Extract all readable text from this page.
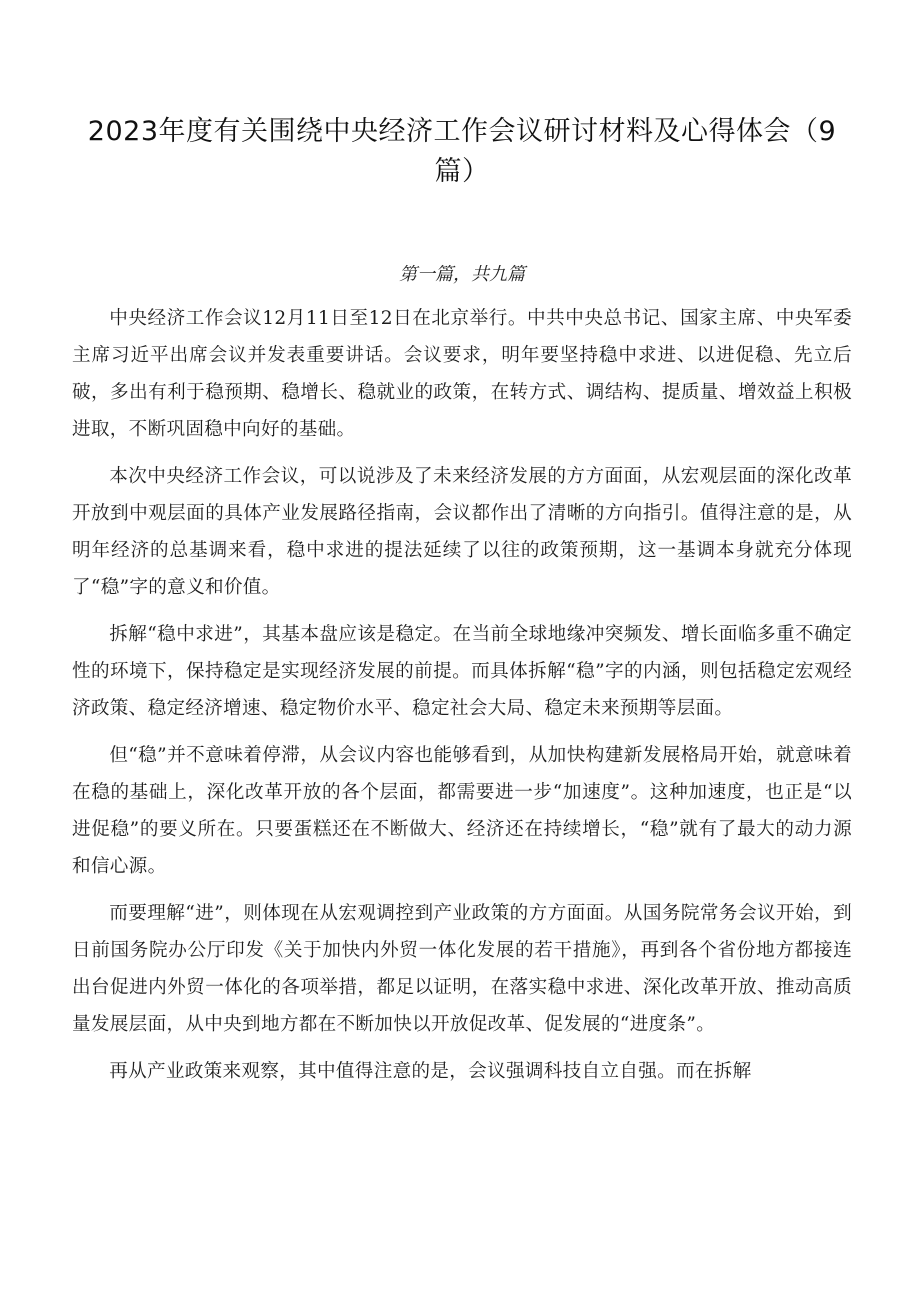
2023年度有关围绕中央经济工作会议研讨材料及心得体会（9篇）
第一篇，共九篇

中央经济工作会议12月11日至12日在北京举行。中共中央总书记、国家主席、中央军委主席习近平出席会议并发表重要讲话。会议要求，明年要坚持稳中求进、以进促稳、先立后破，多出有利于稳预期、稳增长、稳就业的政策，在转方式、调结构、提质量、增效益上积极进取，不断巩固稳中向好的基础。

本次中央经济工作会议，可以说涉及了未来经济发展的方方面面，从宏观层面的深化改革开放到中观层面的具体产业发展路径指南，会议都作出了清晰的方向指引。值得注意的是，从明年经济的总基调来看，稳中求进的提法延续了以往的政策预期，这一基调本身就充分体现了“稳”字的意义和价值。

拆解“稳中求进”，其基本盘应该是稳定。在当前全球地缘冲突频发、增长面临多重不确定性的环境下，保持稳定是实现经济发展的前提。而具体拆解“稳”字的内涵，则包括稳定宏观经济政策、稳定经济增速、稳定物价水平、稳定社会大局、稳定未来预期等层面。

但“稳”并不意味着停滞，从会议内容也能够看到，从加快构建新发展格局开始，就意味着在稳的基础上，深化改革开放的各个层面，都需要进一步“加速度”。这种加速度，也正是“以进促稳”的要义所在。只要蛋糕还在不断做大、经济还在持续增长，“稳”就有了最大的动力源和信心源。

而要理解“进”，则体现在从宏观调控到产业政策的方方面面。从国务院常务会议开始，到日前国务院办公厅印发《关于加快内外贸一体化发展的若干措施》，再到各个省份地方都接连出台促进内外贸一体化的各项举措，都足以证明，在落实稳中求进、深化改革开放、推动高质量发展层面，从中央到地方都在不断加快以开放促改革、促发展的“进度条”。

再从产业政策来观察，其中值得注意的是，会议强调科技自立自强。而在拆解
